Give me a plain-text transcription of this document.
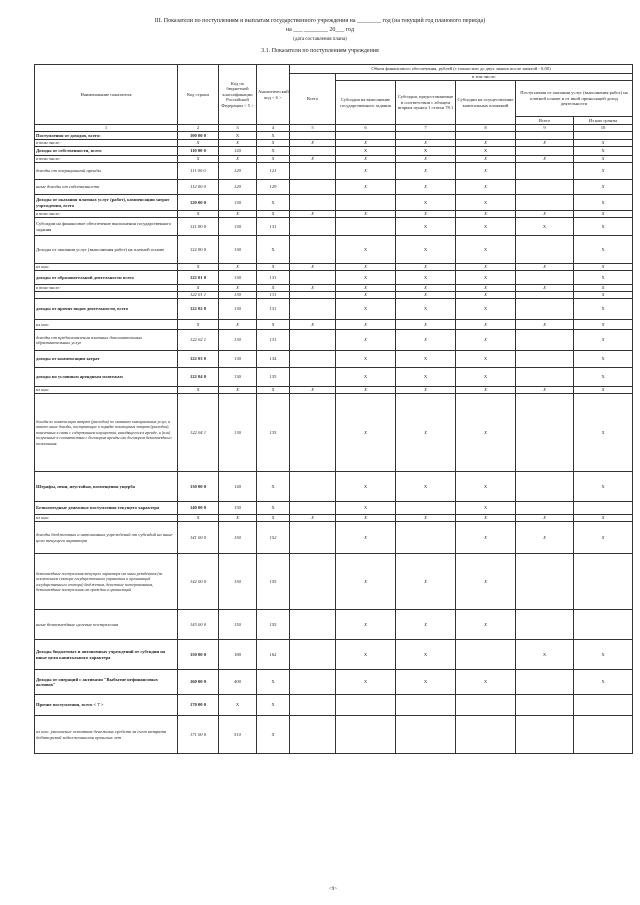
III. Показатели по поступлениям и выплатам государственного учреждения на ________ год (на текущий год планового периода)
на ___ ________ 20___ год
(дата составления плана)
3.1. Показатели по поступлениям учреждения
Наименование показателя	Код строки	Код по бюджетной классификации Российской Федерации < 5 >	Аналитический код < 6 >	Объем финансового обеспечения, рублей (с точностью до двух знаков после запятой - 0,00)					
				Всего	в том числе:				
					Субсидия на выполнение государственного задания	Субсидия, предоставляемые в соответствии с абзацем вторым пункта 1 статьи 78.1	Субсидии на осуществление капитальных вложений	Поступления от оказания услуг (выполнения работ) на платной основе и от иной приносящей доход деятельности	
								Всего	Из них гранты
1	2	3	4	5	6	7	8	9	10
Поступления от доходов, всего:	100 00 0	X	X						
в том числе:	X	X	X	X	X	X	X	X	X
Доходы от собственности, всего	110 00 0	120	X		X	X	X		X
в том числе:	X	X	X	X	X	X	X	X	X
доходы от операционной аренды	111 00 0	120	121		X	X	X		X
иные доходы от собственности	112 00 0	120	129		X	X	X		X
Доходы от оказания платных услуг (работ), компенсации затрат учреждения, всего	120 00 0	130	X			X	X		X
в том числе:	X	X	X	X	X	X	X	X	X
Субсидии на финансовое обеспечение выполнения государственного задания	121 00 0	130	131			X	X	X	X
Доходы от оказания услуг (выполнения работ) на платной основе	122 00 0	130	X		X	X	X		X
из них:	X	X	X	X	X	X	X	X	X
доходы от образовательной деятельности всего	122 01 0	130	131		X	X	X		X
в том числе:	X	X	X	X	X	X	X	X	X
	122 01 1	130	131		X	X	X		X
доходы от прочих видов деятельности, всего	122 02 0	130	131		X	X	X		X
из них:	X	X	X	X	X	X	X	X	X
доходы от предоставления платных дополнительных образовательных услуг	122 02 1	130	131		X	X	X		X
доходы от компенсации затрат	122 03 0	130	134		X	X	X		X
доходы по условным арендным платежам	122 04 0	130	135		X	X	X		X
из них:	X	X	X	X	X	X	X	X	X
доходы по компенсации затрат (расходов) по оказанию коммунальных услуг, а также иные доходы, поступающие в порядке возмещения затрат (расходов), понесенных в связи с содержанием имущества, находящегося в аренде, и (или) полученные в соответствии с договором аренды или договором безвозмездного пользования	122 04 1	130	135		X	X	X		X
Штрафы, пени, неустойки, возмещения ущерба	130 00 0	140	X		X	X	X		X
Безвозмездные денежные поступления текущего характера	140 00 0	150	X		X		X		
из них:	X	X	X	X	X	X	X	X	X
доходы бюджетных и автономных учреждений от субсидий на иные цели текущего характера	141 00 0	150	152		X		X	X	X
безвозмездные поступления текущего характера от иных резидентов (за исключением сектора государственного управления и организаций государственного сектора) бюджетам, денежные пожертвования, безвозмездные поступления от граждан и организаций	142 00 0	150	155		X	X	X		
иные безвозмездные целевые поступления	143 00 0	150	155		X	X	X		
Доходы бюджетных и автономных учреждений от субсидии на иные цели капитального характера	150 00 0	180	162		X	X		X	X
Доходы от операций с активами "Выбытие нефинансовых активов"	160 00 0	400	X		X	X	X		X
Прочие поступления, всего < 7 >	170 00 0	X	X						
из них: увеличение остатков денежных средств за счет возврата дебиторской задолженности прошлых лет	171 00 0	510	X						
<9>
